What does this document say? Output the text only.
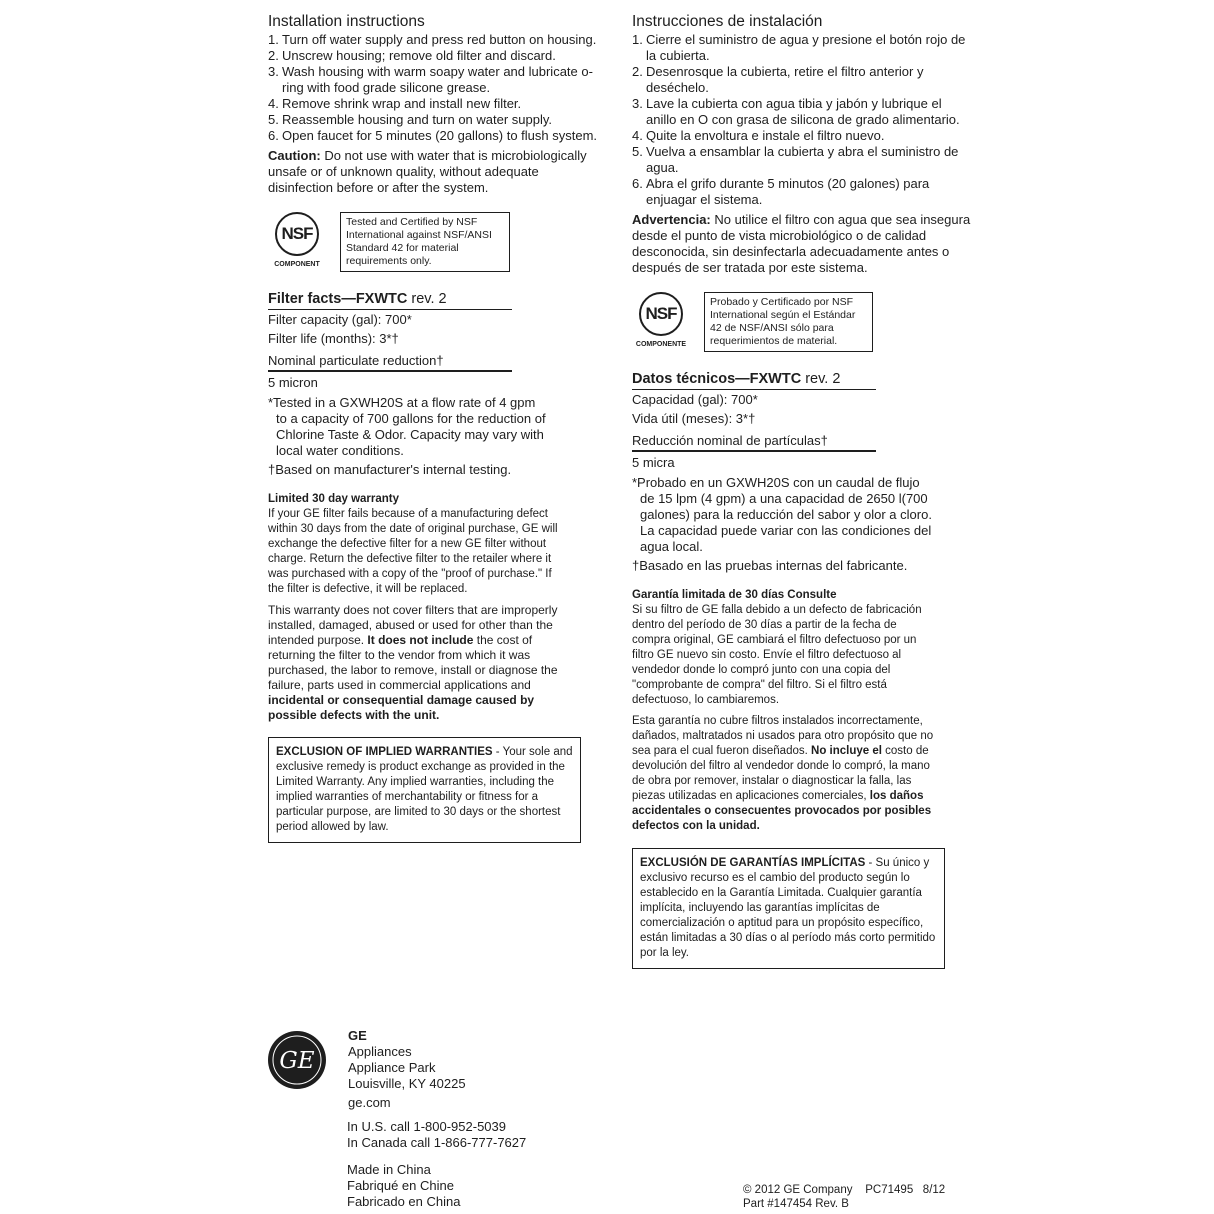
Installation instructions
1. Turn off water supply and press red button on housing.
2. Unscrew housing; remove old filter and discard.
3. Wash housing with warm soapy water and lubricate o-ring with food grade silicone grease.
4. Remove shrink wrap and install new filter.
5. Reassemble housing and turn on water supply.
6. Open faucet for 5 minutes (20 gallons) to flush system.

Caution: Do not use with water that is microbiologically unsafe or of unknown quality, without adequate disinfection before or after the system.

NSF
COMPONENT
Tested and Certified by NSF International against NSF/ANSI Standard 42 for material requirements only.
Filter facts—FXWTC rev. 2
Filter capacity (gal): 700*
Filter life (months): 3*†
Nominal particulate reduction†
5 micron
*Tested in a GXWH20S at a flow rate of 4 gpm to a capacity of 700 gallons for the reduction of Chlorine Taste & Odor. Capacity may vary with local water conditions.
†Based on manufacturer's internal testing.
Limited 30 day warranty

If your GE filter fails because of a manufacturing defect within 30 days from the date of original purchase, GE will exchange the defective filter for a new GE filter without charge. Return the defective filter to the retailer where it was purchased with a copy of the "proof of purchase." If the filter is defective, it will be replaced.

This warranty does not cover filters that are improperly installed, damaged, abused or used for other than the intended purpose. It does not include the cost of returning the filter to the vendor from which it was purchased, the labor to remove, install or diagnose the failure, parts used in commercial applications and incidental or consequential damage caused by possible defects with the unit.

EXCLUSION OF IMPLIED WARRANTIES - Your sole and exclusive remedy is product exchange as provided in the Limited Warranty. Any implied warranties, including the implied warranties of merchantability or fitness for a particular purpose, are limited to 30 days or the shortest period allowed by law.
Instrucciones de instalación
1. Cierre el suministro de agua y presione el botón rojo de la cubierta.
2. Desenrosque la cubierta, retire el filtro anterior y deséchelo.
3. Lave la cubierta con agua tibia y jabón y lubrique el anillo en O con grasa de silicona de grado alimentario.
4. Quite la envoltura e instale el filtro nuevo.
5. Vuelva a ensamblar la cubierta y abra el suministro de agua.
6. Abra el grifo durante 5 minutos (20 galones) para enjuagar el sistema.

Advertencia: No utilice el filtro con agua que sea insegura desde el punto de vista microbiológico o de calidad desconocida, sin desinfectarla adecuadamente antes o después de ser tratada por este sistema.

NSF
COMPONENTE
Probado y Certificado por NSF International según el Estándar 42 de NSF/ANSI sólo para requerimientos de material.
Datos técnicos—FXWTC rev. 2
Capacidad (gal): 700*
Vida útil (meses): 3*†
Reducción nominal de partículas†
5 micra
*Probado en un GXWH20S con un caudal de flujo de 15 lpm (4 gpm) a una capacidad de 2650 l(700 galones) para la reducción del sabor y olor a cloro. La capacidad puede variar con las condiciones del agua local.
†Basado en las pruebas internas del fabricante.
Garantía limitada de 30 días Consulte

Si su filtro de GE falla debido a un defecto de fabricación dentro del período de 30 días a partir de la fecha de compra original, GE cambiará el filtro defectuoso por un filtro GE nuevo sin costo. Envíe el filtro defectuoso al vendedor donde lo compró junto con una copia del "comprobante de compra" del filtro. Si el filtro está defectuoso, lo cambiaremos.

Esta garantía no cubre filtros instalados incorrectamente, dañados, maltratados ni usados para otro propósito que no sea para el cual fueron diseñados. No incluye el costo de devolución del filtro al vendedor donde lo compró, la mano de obra por remover, instalar o diagnosticar la falla, las piezas utilizadas en aplicaciones comerciales, los daños accidentales o consecuentes provocados por posibles defectos con la unidad.

EXCLUSIÓN DE GARANTÍAS IMPLÍCITAS - Su único y exclusivo recurso es el cambio del producto según lo establecido en la Garantía Limitada. Cualquier garantía implícita, incluyendo las garantías implícitas de comercialización o aptitud para un propósito específico, están limitadas a 30 días o al período más corto permitido por la ley.
GE
GE
Appliances
Appliance Park
Louisville, KY 40225
ge.com
In U.S. call 1-800-952-5039
In Canada call 1-866-777-7627
Made in China
Fabriqué en Chine
Fabricado en China
© 2012 GE Company    PC71495   8/12
Part #147454 Rev. B
